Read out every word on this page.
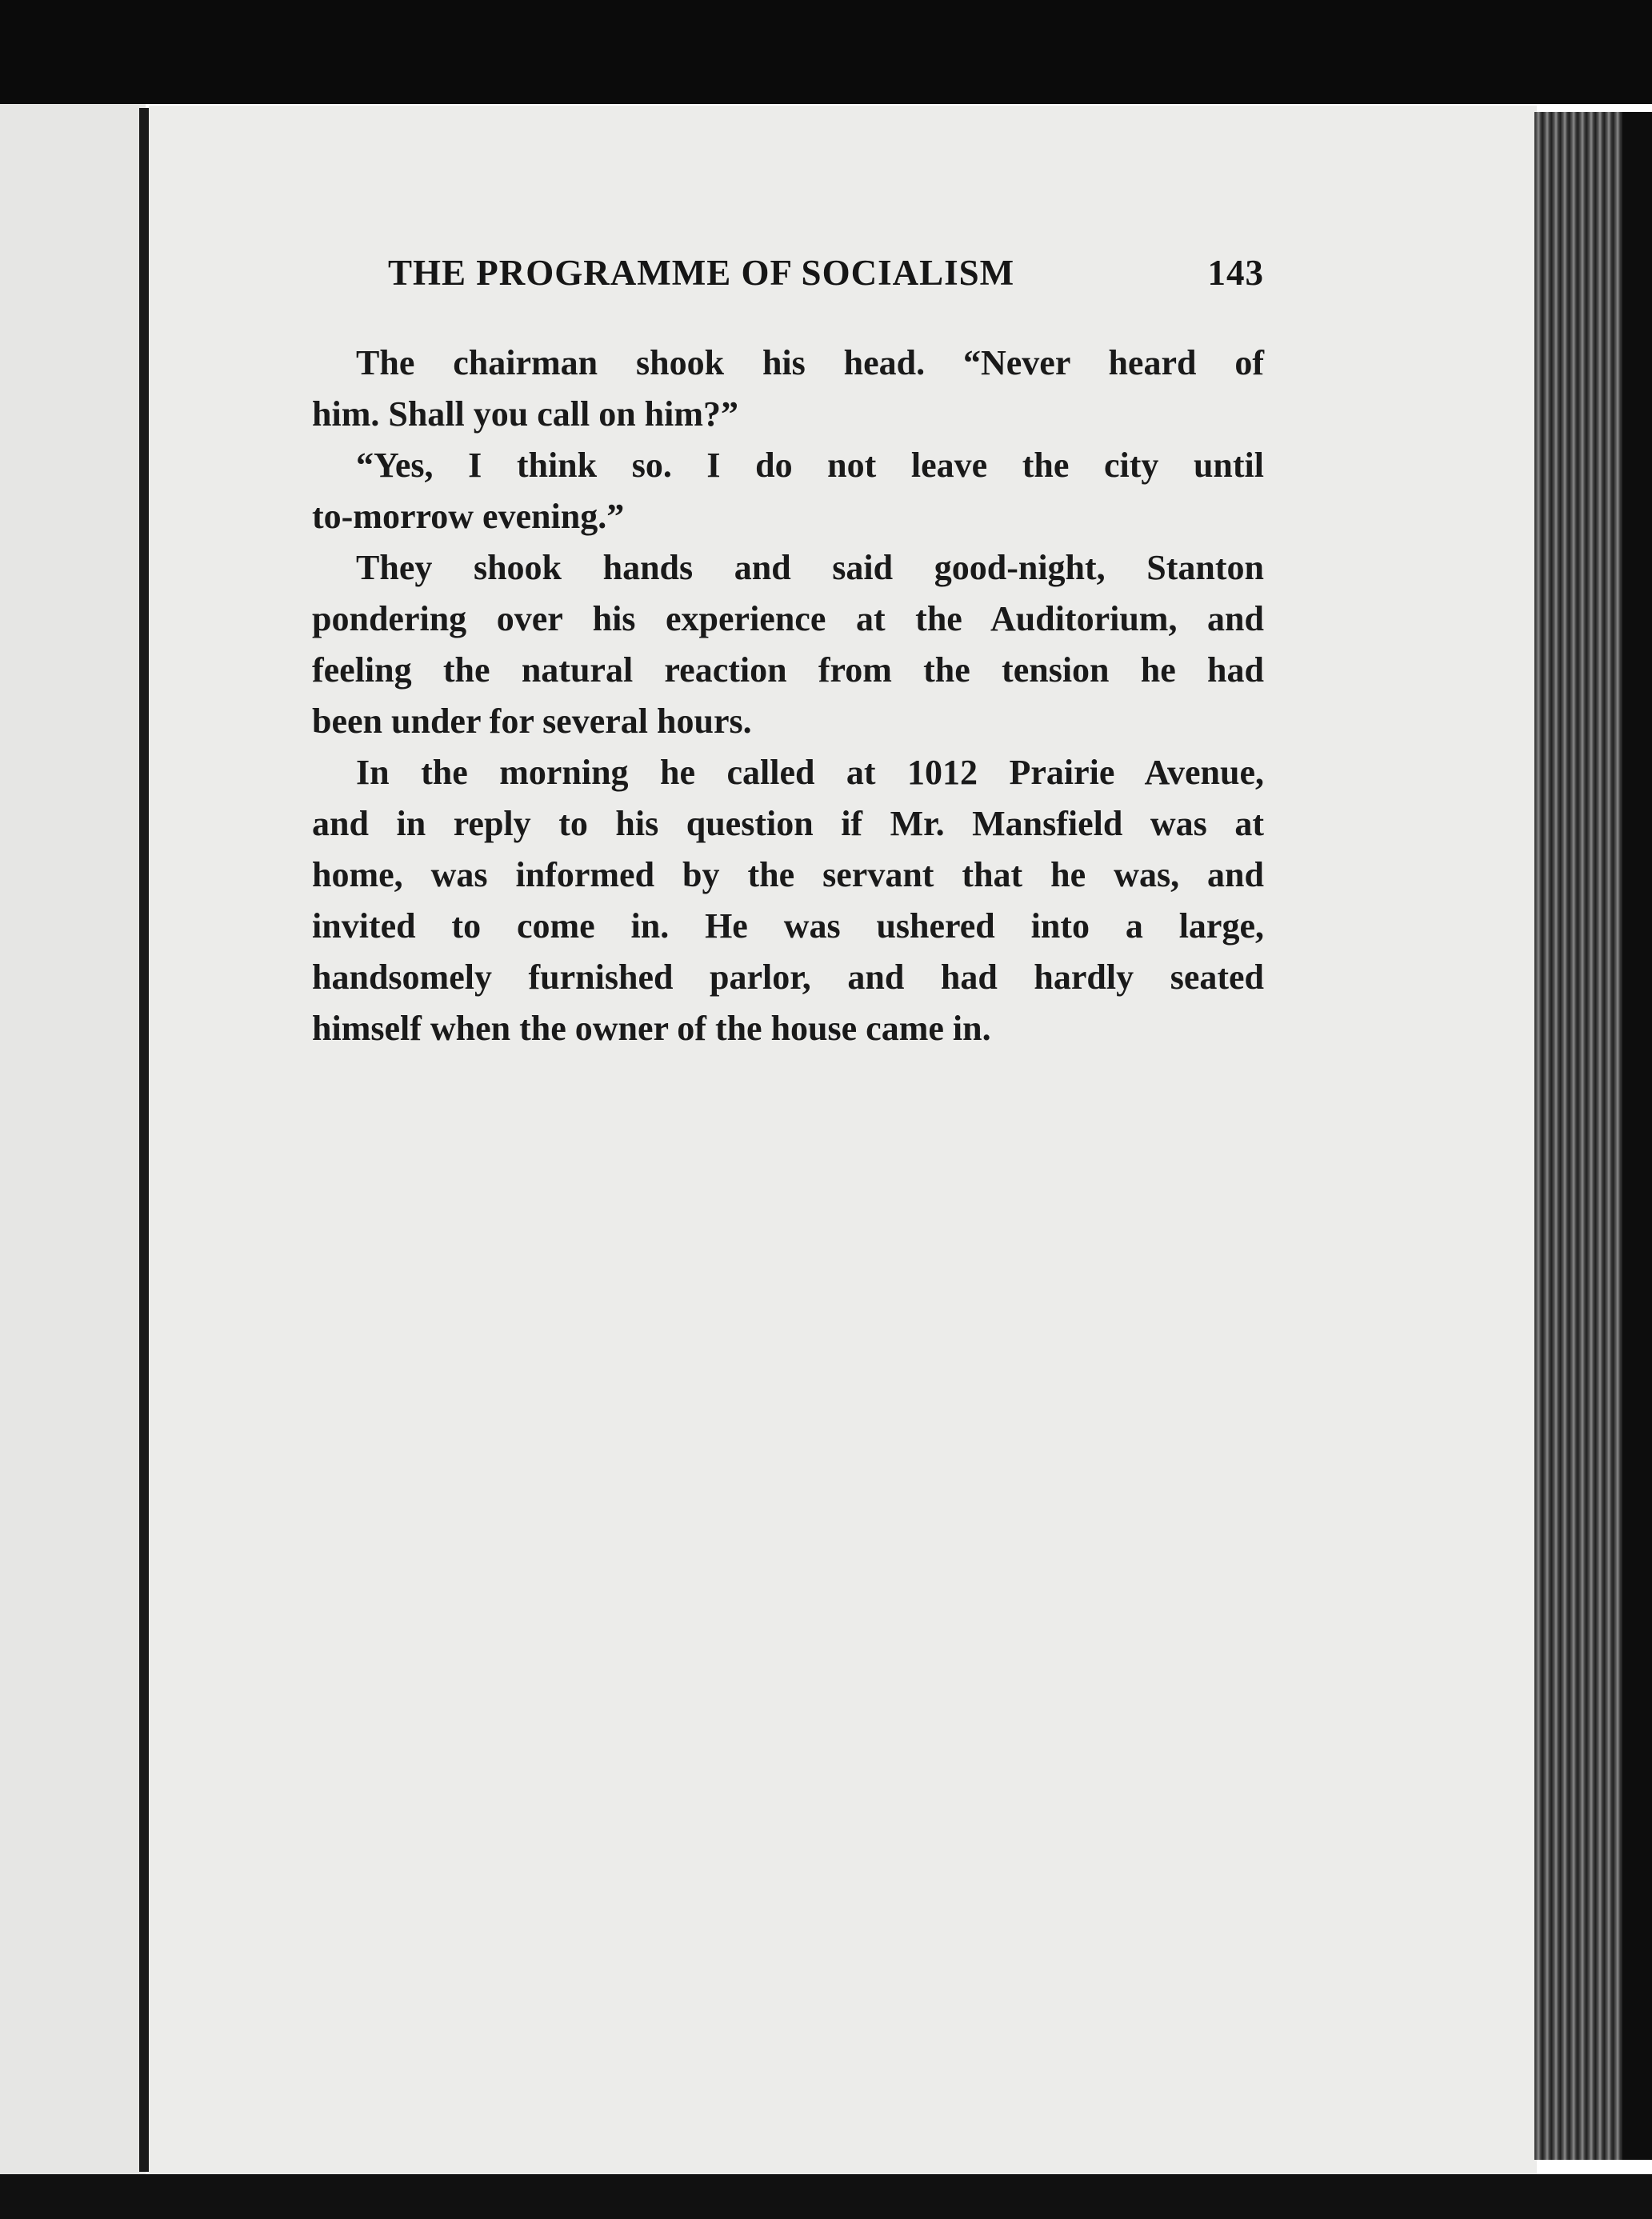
THE PROGRAMME OF SOCIALISM	143
The chairman shook his head. “Never heard of
him. Shall you call on him?”
“Yes, I think so. I do not leave the city until
to-morrow evening.”
They shook hands and said good-night, Stanton
pondering over his experience at the Auditorium, and
feeling the natural reaction from the tension he had
been under for several hours.
In the morning he called at 1012 Prairie Avenue,
and in reply to his question if Mr. Mansfield was at
home, was informed by the servant that he was, and
invited to come in. He was ushered into a large,
handsomely furnished parlor, and had hardly seated
himself when the owner of the house came in.
